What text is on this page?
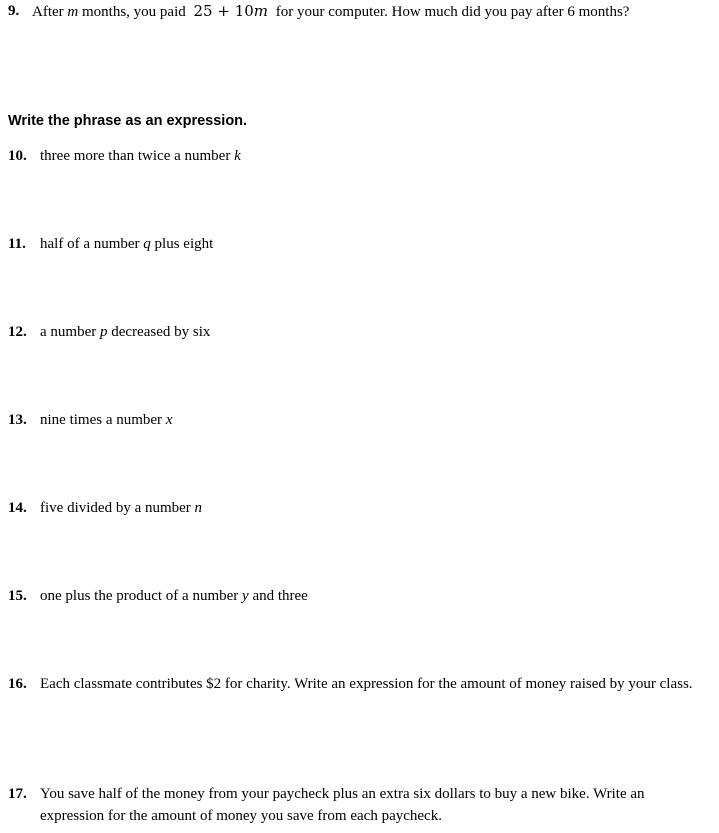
9. After m months, you paid 25 + 10m for your computer. How much did you pay after 6 months?
Write the phrase as an expression.
10. three more than twice a number k
11. half of a number q plus eight
12. a number p decreased by six
13. nine times a number x
14. five divided by a number n
15. one plus the product of a number y and three
16. Each classmate contributes $2 for charity. Write an expression for the amount of money raised by your class.
17. You save half of the money from your paycheck plus an extra six dollars to buy a new bike. Write an expression for the amount of money you save from each paycheck.
